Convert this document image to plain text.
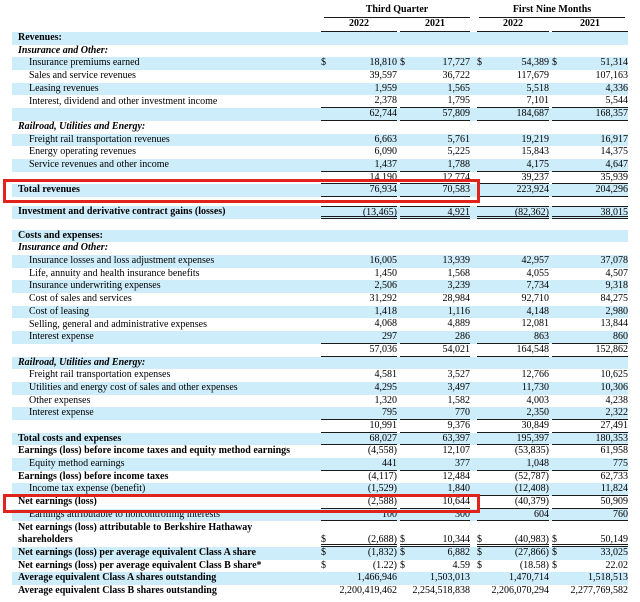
Third Quarter	First Nine Months
2022	2021	2022	2021
Revenues:
Insurance and Other:
Insurance premiums earned	$	18,810 $	17,727 $	54,389 $	51,314
Sales and service revenues	39,597	36,722	117,679	107,163
Leasing revenues	1,959	1,565	5,518	4,336
Interest, dividend and other investment income	2,378	1,795	7,101	5,544
62,744	57,809	184,687	168,357
Railroad, Utilities and Energy:
Freight rail transportation revenues	6,663	5,761	19,219	16,917
Energy operating revenues	6,090	5,225	15,843	14,375
Service revenues and other income	1,437	1,788	4,175	4,647
14,190	12,774	39,237	35,939
Total revenues	76,934	70,583	223,924	204,296
Investment and derivative contract gains (losses)	(13,465)	4,921	(82,362)	38,015
Costs and expenses:
Insurance and Other:
Insurance losses and loss adjustment expenses	16,005	13,939	42,957	37,078
Life, annuity and health insurance benefits	1,450	1,568	4,055	4,507
Insurance underwriting expenses	2,506	3,239	7,734	9,318
Cost of sales and services	31,292	28,984	92,710	84,275
Cost of leasing	1,418	1,116	4,148	2,980
Selling, general and administrative expenses	4,068	4,889	12,081	13,844
Interest expense	297	286	863	860
57,036	54,021	164,548	152,862
Railroad, Utilities and Energy:
Freight rail transportation expenses	4,581	3,527	12,766	10,625
Utilities and energy cost of sales and other expenses	4,295	3,497	11,730	10,306
Other expenses	1,320	1,582	4,003	4,238
Interest expense	795	770	2,350	2,322
10,991	9,376	30,849	27,491
Total costs and expenses	68,027	63,397	195,397	180,353
Earnings (loss) before income taxes and equity method earnings	(4,558)	12,107	(53,835)	61,958
Equity method earnings	441	377	1,048	775
Earnings (loss) before income taxes	(4,117)	12,484	(52,787)	62,733
Income tax expense (benefit)	(1,529)	1,840	(12,408)	11,824
Net earnings (loss)	(2,588)	10,644	(40,379)	50,909
Earnings attributable to noncontrolling interests	100	300	604	760
Net earnings (loss) attributable to Berkshire Hathaway
shareholders	$	(2,688) $	10,344 $	(40,983) $	50,149
Net earnings (loss) per average equivalent Class A share	$	(1,832) $	6,882 $	(27,866) $	33,025
Net earnings (loss) per average equivalent Class B share*	$	(1.22) $	4.59 $	(18.58) $	22.02
Average equivalent Class A shares outstanding	1,466,946	1,503,013	1,470,714	1,518,513
Average equivalent Class B shares outstanding	2,200,419,462 2,254,518,838 2,206,070,294 2,277,769,582
